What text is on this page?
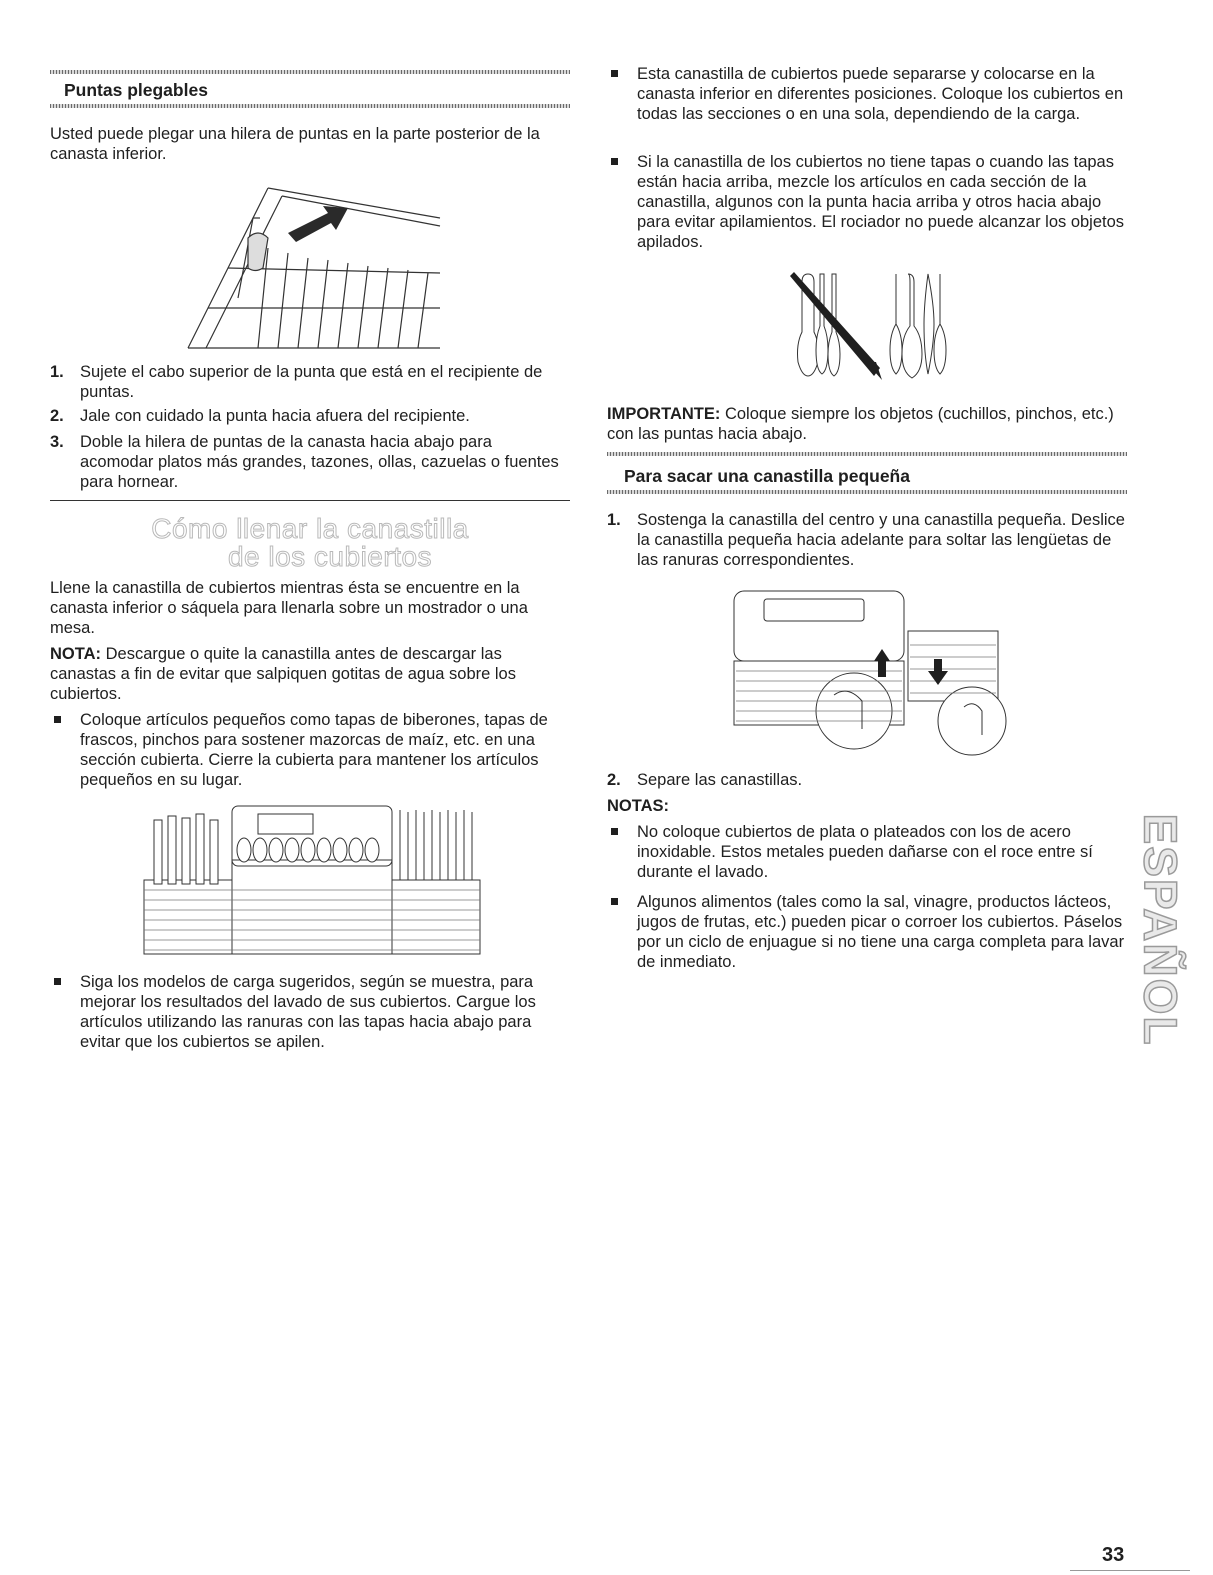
Puntas plegables

Usted puede plegar una hilera de puntas en la parte posterior de la canasta inferior.

1. Sujete el cabo superior de la punta que está en el recipiente de puntas.

2. Jale con cuidado la punta hacia afuera del recipiente.

3. Doble la hilera de puntas de la canasta hacia abajo para acomodar platos más grandes, tazones, ollas, cazuelas o fuentes para hornear.

Cómo llenar la canastilla
de los cubiertos

Llene la canastilla de cubiertos mientras ésta se encuentre en la canasta inferior o sáquela para llenarla sobre un mostrador o una mesa.

NOTA: Descargue o quite la canastilla antes de descargar las canastas a fin de evitar que salpiquen gotitas de agua sobre los cubiertos.

Coloque artículos pequeños como tapas de biberones, tapas de frascos, pinchos para sostener mazorcas de maíz, etc. en una sección cubierta. Cierre la cubierta para mantener los artículos pequeños en su lugar.

Siga los modelos de carga sugeridos, según se muestra, para mejorar los resultados del lavado de sus cubiertos. Cargue los artículos utilizando las ranuras con las tapas hacia abajo para evitar que los cubiertos se apilen.

Esta canastilla de cubiertos puede separarse y colocarse en la canasta inferior en diferentes posiciones. Coloque los cubiertos en todas las secciones o en una sola, dependiendo de la carga.

Si la canastilla de los cubiertos no tiene tapas o cuando las tapas están hacia arriba, mezcle los artículos en cada sección de la canastilla, algunos con la punta hacia arriba y otros hacia abajo para evitar apilamientos. El rociador no puede alcanzar los objetos apilados.

IMPORTANTE: Coloque siempre los objetos (cuchillos, pinchos, etc.) con las puntas hacia abajo.

Para sacar una canastilla pequeña
1. Sostenga la canastilla del centro y una canastilla pequeña. Deslice la canastilla pequeña hacia adelante para soltar las lengüetas de las ranuras correspondientes.

2. Separe las canastillas.

NOTAS:

No coloque cubiertos de plata o plateados con los de acero inoxidable. Estos metales pueden dañarse con el roce entre sí durante el lavado.

Algunos alimentos (tales como la sal, vinagre, productos lácteos, jugos de frutas, etc.) pueden picar o corroer los cubiertos. Páselos por un ciclo de enjuague si no tiene una carga completa para lavar de inmediato.	ESPAÑOL
33
